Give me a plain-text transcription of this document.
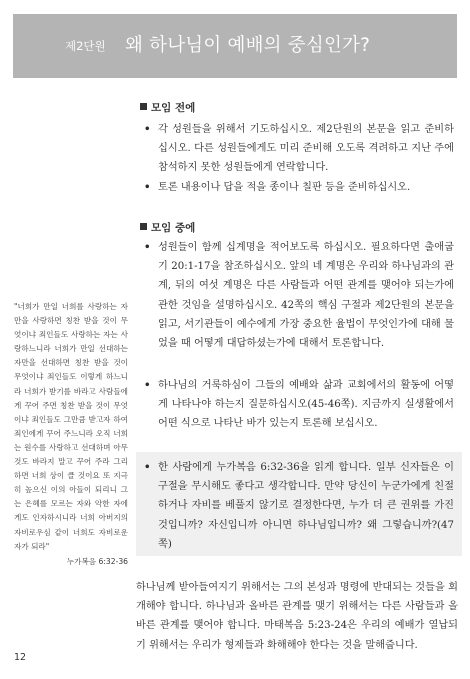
제2단원 왜 하나님이 예배의 중심인가?
모임 전에
• 각 성원들을 위해서 기도하십시오. 제2단원의 본문을 읽고 준비하십시오. 다른 성원들에게도 미리 준비해 오도록 격려하고 지난 주에 참석하지 못한 성원들에게 연락합니다.
• 토론 내용이나 답을 적을 종이나 칠판 등을 준비하십시오.
모임 중에
• 성원들이 함께 십계명을 적어보도록 하십시오. 필요하다면 출애굽기 20:1-17을 참조하십시오. 앞의 네 계명은 우리와 하나님과의 관계, 뒤의 여섯 계명은 다른 사람들과 어떤 관계를 맺어야 되는가에 관한 것임을 설명하십시오. 42쪽의 핵심 구절과 제2단원의 본문을 읽고, 서기관들이 예수에게 가장 중요한 율법이 무엇인가에 대해 물었을 때 어떻게 대답하셨는가에 대해서 토론합니다.
• 하나님의 거룩하심이 그들의 예배와 삶과 교회에서의 활동에 어떻게 나타나야 하는지 질문하십시오(45-46쪽). 지금까지 실생활에서 어떤 식으로 나타난 바가 있는지 토론해 보십시오.
• 한 사람에게 누가복음 6:32-36을 읽게 합니다. 일부 신자들은 이 구절을 무시해도 좋다고 생각합니다. 만약 당신이 누군가에게 친절하거나 자비를 베풀지 않기로 결정한다면, 누가 더 큰 권위를 가진 것입니까? 자신입니까 아니면 하나님입니까? 왜 그렇습니까?(47쪽)
"너희가 만일 너희를 사랑하는 자만을 사랑하면 칭찬 받을 것이 무엇이냐 죄인들도 사랑하는 자는 사랑하느니라 너희가 만일 선대하는 자만을 선대하면 칭찬 받을 것이 무엇이냐 죄인들도 이렇게 하느니라 너희가 받기를 바라고 사람들에게 꾸어 주면 칭찬 받을 것이 무엇이냐 죄인들도 그만큼 받고자 하여 죄인에게 꾸어 주느니라 오직 너희는 원수를 사랑하고 선대하며 아무 것도 바라지 말고 꾸어 주라 그리하면 너희 상이 클 것이요 또 지극히 높으신 이의 아들이 되리니 그는 은혜를 모르는 자와 악한 자에게도 인자하시니라 너희 아버지의 자비로우심 같이 너희도 자비로운 자가 되라"
누가복음 6:32-36
하나님께 받아들여지기 위해서는 그의 본성과 명령에 반대되는 것들을 회개해야 합니다. 하나님과 올바른 관계를 맺기 위해서는 다른 사람들과 올바른 관계를 맺어야 합니다. 마태복음 5:23-24은 우리의 예배가 열납되기 위해서는 우리가 형제들과 화해해야 한다는 것을 말해줍니다.
12
